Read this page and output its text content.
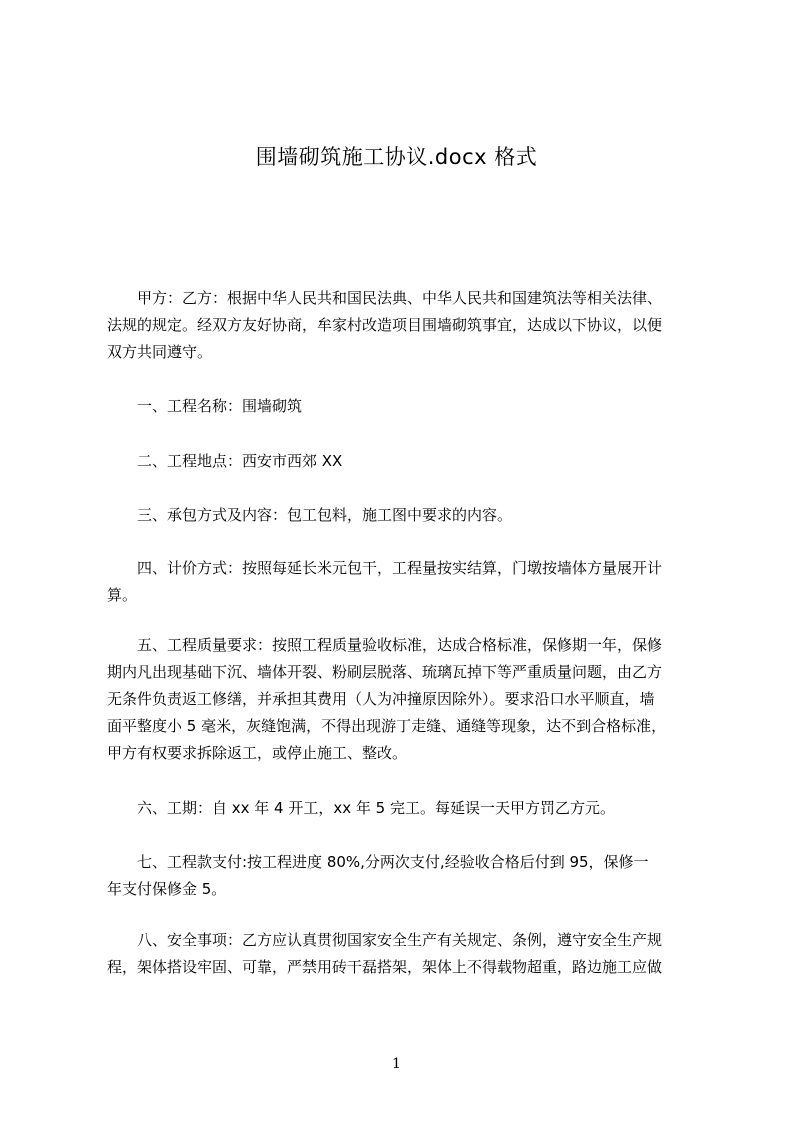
围墙砌筑施工协议.docx 格式
甲方：乙方：根据中华人民共和国民法典、中华人民共和国建筑法等相关法律、
法规的规定。经双方友好协商，牟家村改造项目围墙砌筑事宜，达成以下协议，以便
双方共同遵守。
一、工程名称：围墙砌筑
二、工程地点：西安市西郊 XX
三、承包方式及内容：包工包料，施工图中要求的内容。
四、计价方式：按照每延长米元包干，工程量按实结算，门墩按墙体方量展开计
算。
五、工程质量要求：按照工程质量验收标准，达成合格标准，保修期一年，保修
期内凡出现基础下沉、墙体开裂、粉刷层脱落、琉璃瓦掉下等严重质量问题，由乙方
无条件负责返工修缮，并承担其费用（人为冲撞原因除外）。要求沿口水平顺直，墙
面平整度小 5 毫米，灰缝饱满，不得出现游丁走缝、通缝等现象，达不到合格标准，
甲方有权要求拆除返工，或停止施工、整改。
六、工期：自 xx 年 4 开工，xx 年 5 完工。每延误一天甲方罚乙方元。
七、工程款支付:按工程进度 80%,分两次支付,经验收合格后付到 95，保修一
年支付保修金 5。
八、安全事项：乙方应认真贯彻国家安全生产有关规定、条例，遵守安全生产规
程，架体搭设牢固、可靠，严禁用砖干磊搭架，架体上不得载物超重，路边施工应做
1
